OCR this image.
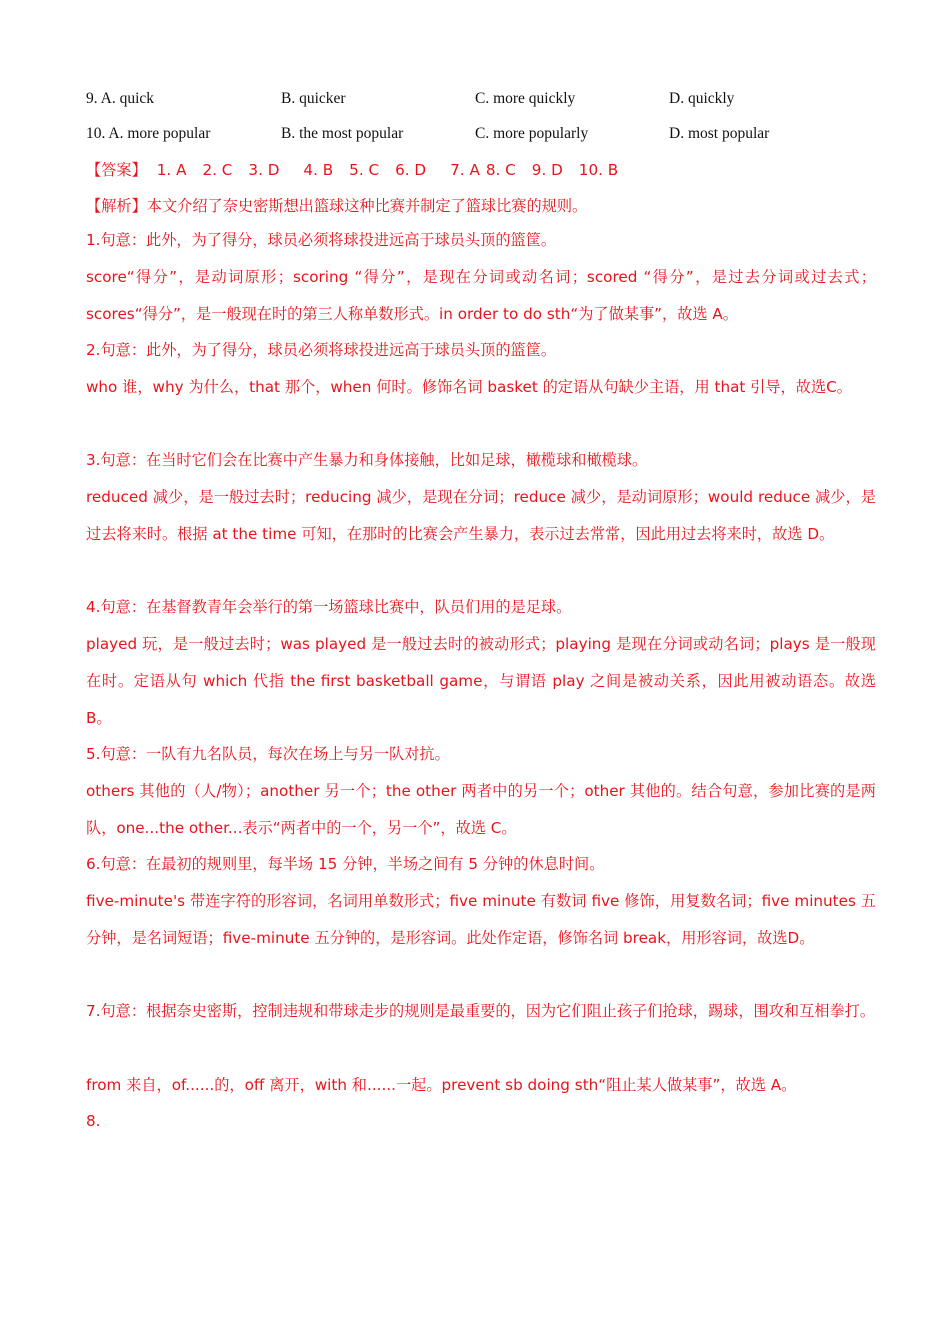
9. A. quick	B. quicker	C. more quickly	D. quickly
10. A. more popular	B. the most popular	C. more popularly	D. most popular
【答案】 1. A 2. C 3. D 4. B 5. C 6. D 7. A 8. C 9. D 10. B
【解析】本文介绍了奈史密斯想出篮球这种比赛并制定了篮球比赛的规则。
1.句意：此外，为了得分，球员必须将球投进远高于球员头顶的篮筐。
score“得分”，是动词原形；scoring “得分”，是现在分词或动名词；scored “得分”，是过去分词或过去式；scores“得分”，是一般现在时的第三人称单数形式。in order to do sth“为了做某事”，故选 A。
2.句意：此外，为了得分，球员必须将球投进远高于球员头顶的篮筐。
who 谁，why 为什么，that 那个，when 何时。修饰名词 basket 的定语从句缺少主语，用 that 引导，故选C。
3.句意：在当时它们会在比赛中产生暴力和身体接触，比如足球，橄榄球和橄榄球。
reduced 减少，是一般过去时；reducing 减少，是现在分词；reduce 减少，是动词原形；would reduce 减少，是过去将来时。根据 at the time 可知，在那时的比赛会产生暴力，表示过去常常，因此用过去将来时，故选 D。
4.句意：在基督教青年会举行的第一场篮球比赛中，队员们用的是足球。
played 玩，是一般过去时；was played 是一般过去时的被动形式；playing 是现在分词或动名词；plays 是一般现在时。定语从句 which 代指 the first basketball game，与谓语 play 之间是被动关系，因此用被动语态。故选 B。
5.句意：一队有九名队员，每次在场上与另一队对抗。
others 其他的（人/物）；another 另一个；the other 两者中的另一个；other 其他的。结合句意，参加比赛的是两队，one...the other...表示“两者中的一个，另一个”，故选 C。
6.句意：在最初的规则里，每半场 15 分钟，半场之间有 5 分钟的休息时间。
five-minute's 带连字符的形容词，名词用单数形式；five minute 有数词 five 修饰，用复数名词；five minutes 五分钟，是名词短语；five-minute 五分钟的，是形容词。此处作定语，修饰名词 break，用形容词，故选D。
7.句意：根据奈史密斯，控制违规和带球走步的规则是最重要的，因为它们阻止孩子们抢球，踢球，围攻和互相拳打。
from 来自，of......的，off 离开，with 和......一起。prevent sb doing sth“阻止某人做某事”，故选 A。
8.
